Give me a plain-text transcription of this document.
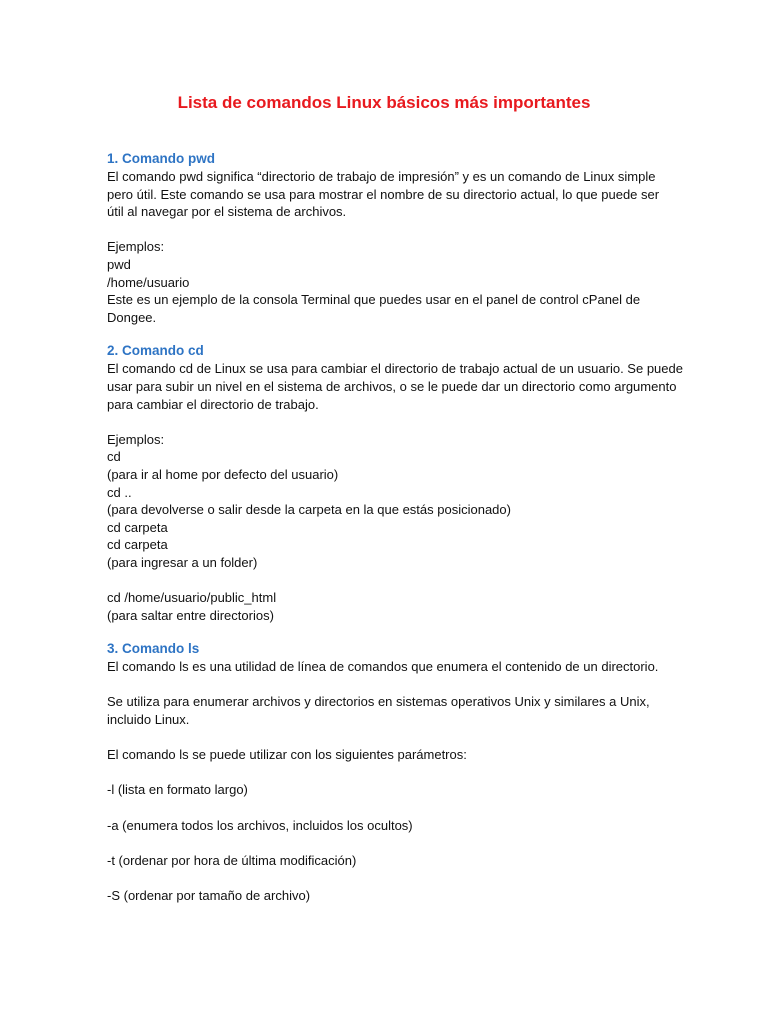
Lista de comandos Linux básicos más importantes

1. Comando pwd

El comando pwd significa “directorio de trabajo de impresión” y es un comando de Linux simple

pero útil. Este comando se usa para mostrar el nombre de su directorio actual, lo que puede ser

útil al navegar por el sistema de archivos.

Ejemplos:

pwd

/home/usuario

Este es un ejemplo de la consola Terminal que puedes usar en el panel de control cPanel de

Dongee.

2. Comando cd

El comando cd de Linux se usa para cambiar el directorio de trabajo actual de un usuario. Se puede

usar para subir un nivel en el sistema de archivos, o se le puede dar un directorio como argumento

para cambiar el directorio de trabajo.

Ejemplos:

cd

(para ir al home por defecto del usuario)

cd ..

(para devolverse o salir desde la carpeta en la que estás posicionado)

cd carpeta

cd carpeta

(para ingresar a un folder)

cd /home/usuario/public_html

(para saltar entre directorios)

3. Comando ls

El comando ls es una utilidad de línea de comandos que enumera el contenido de un directorio.

Se utiliza para enumerar archivos y directorios en sistemas operativos Unix y similares a Unix,

incluido Linux.

El comando ls se puede utilizar con los siguientes parámetros:

-l (lista en formato largo)

-a (enumera todos los archivos, incluidos los ocultos)

-t (ordenar por hora de última modificación)

-S (ordenar por tamaño de archivo)
